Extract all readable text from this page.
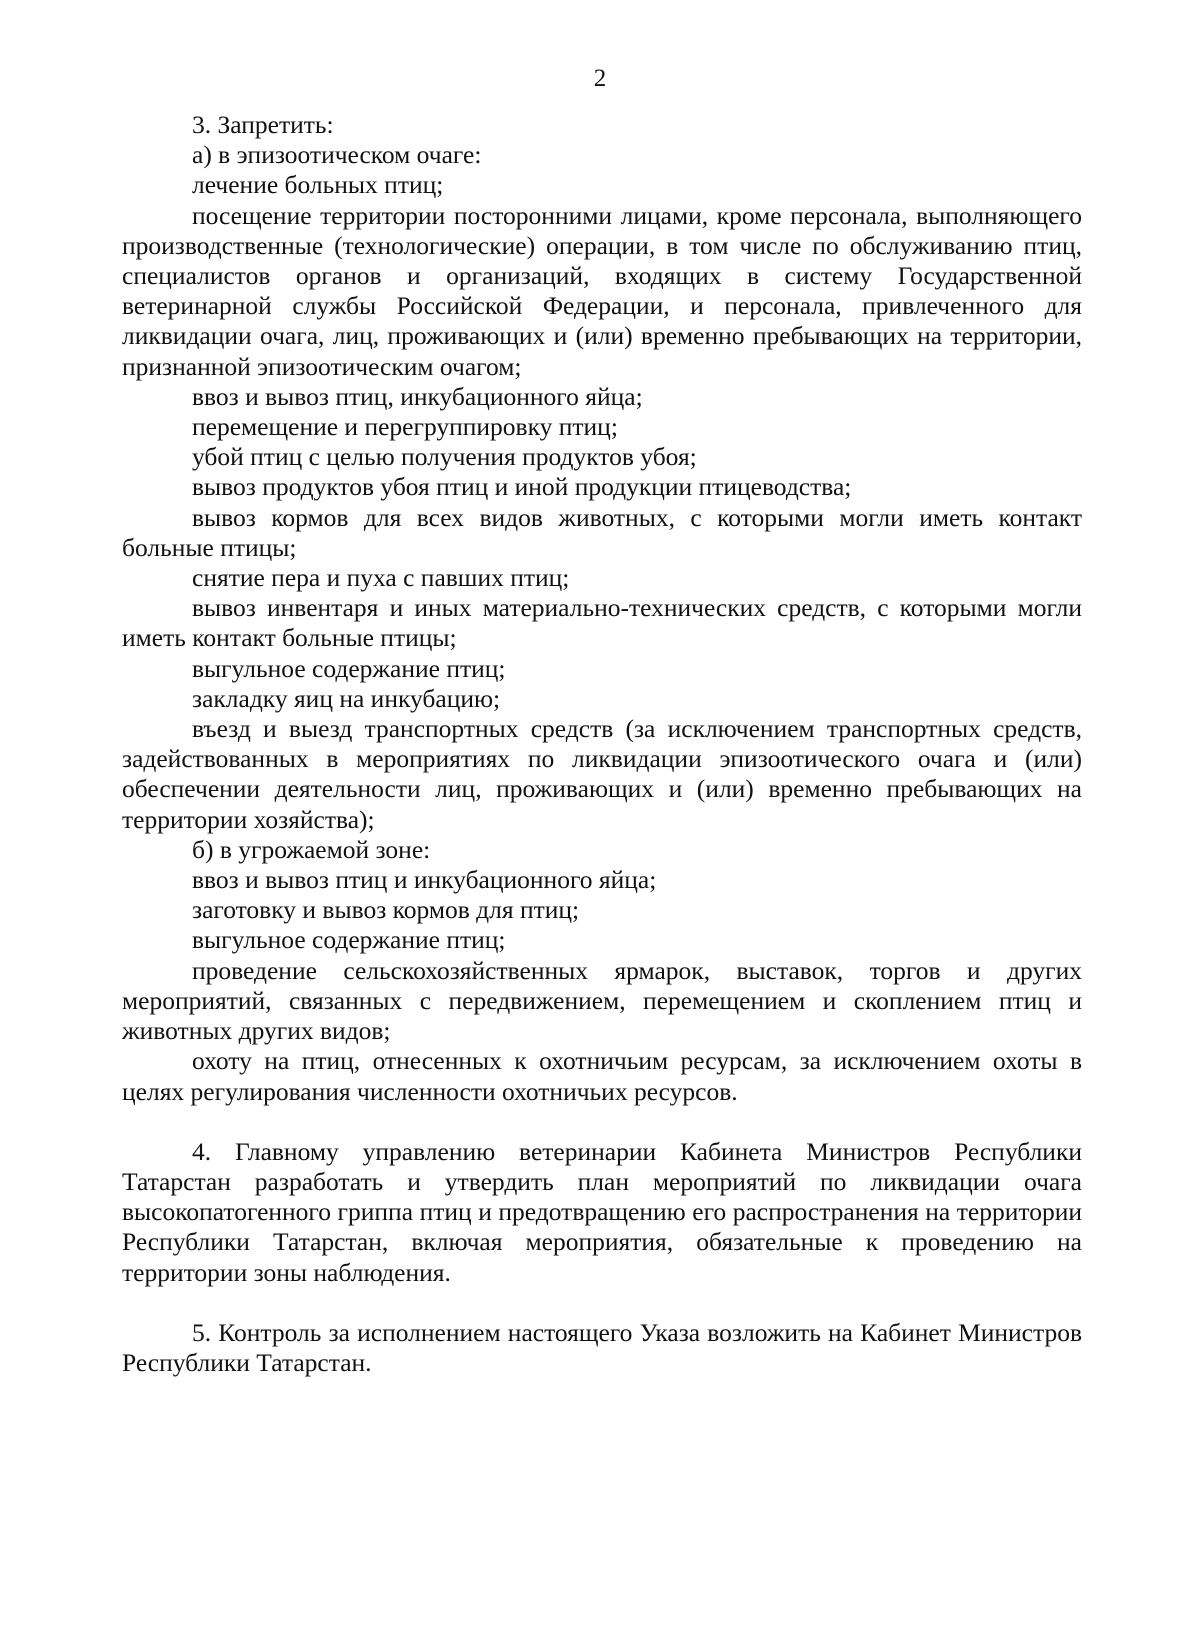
2

3. Запретить:

а) в эпизоотическом очаге:

лечение больных птиц;

посещение территории посторонними лицами, кроме персонала, выполняющего производственные (технологические) операции, в том числе по обслуживанию птиц, специалистов органов и организаций, входящих в систему Государственной ветеринарной службы Российской Федерации, и персонала, привлеченного для ликвидации очага, лиц, проживающих и (или) временно пребывающих на территории, признанной эпизоотическим очагом;

ввоз и вывоз птиц, инкубационного яйца;

перемещение и перегруппировку птиц;

убой птиц с целью получения продуктов убоя;

вывоз продуктов убоя птиц и иной продукции птицеводства;

вывоз кормов для всех видов животных, с которыми могли иметь контакт больные птицы;

снятие пера и пуха с павших птиц;

вывоз инвентаря и иных материально-технических средств, с которыми могли иметь контакт больные птицы;

выгульное содержание птиц;

закладку яиц на инкубацию;

въезд и выезд транспортных средств (за исключением транспортных средств, задействованных в мероприятиях по ликвидации эпизоотического очага и (или) обеспечении деятельности лиц, проживающих и (или) временно пребывающих на территории хозяйства);

б) в угрожаемой зоне:

ввоз и вывоз птиц и инкубационного яйца;

заготовку и вывоз кормов для птиц;

выгульное содержание птиц;

проведение сельскохозяйственных ярмарок, выставок, торгов и других мероприятий, связанных с передвижением, перемещением и скоплением птиц и животных других видов;

охоту на птиц, отнесенных к охотничьим ресурсам, за исключением охоты в целях регулирования численности охотничьих ресурсов.

4. Главному управлению ветеринарии Кабинета Министров Республики Татарстан разработать и утвердить план мероприятий по ликвидации очага высокопатогенного гриппа птиц и предотвращению его распространения на территории Республики Татарстан, включая мероприятия, обязательные к проведению на территории зоны наблюдения.

5. Контроль за исполнением настоящего Указа возложить на Кабинет Министров Республики Татарстан.
